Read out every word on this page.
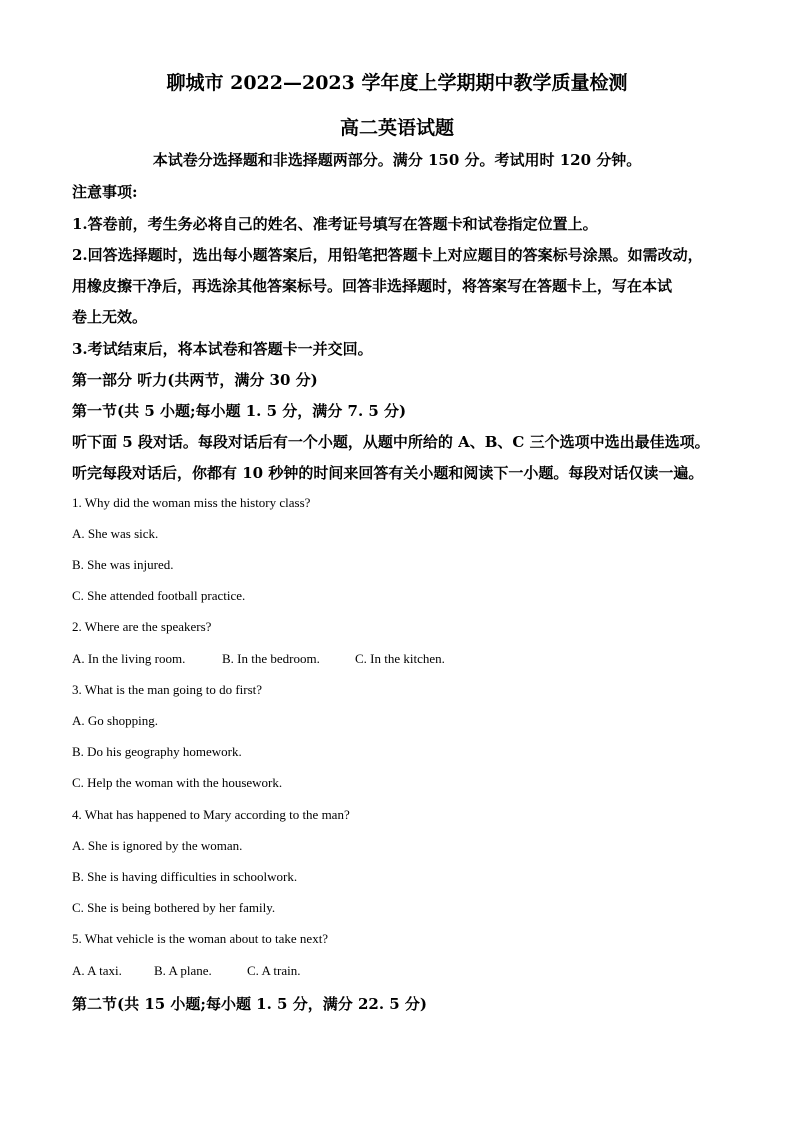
聊城市 2022—2023 学年度上学期期中教学质量检测
高二英语试题
本试卷分选择题和非选择题两部分。满分 150 分。考试用时 120 分钟。
注意事项:
1.答卷前，考生务必将自己的姓名、准考证号填写在答题卡和试卷指定位置上。
2.回答选择题时，选出每小题答案后，用铅笔把答题卡上对应题目的答案标号涂黑。如需改动，
用橡皮擦干净后，再选涂其他答案标号。回答非选择题时，将答案写在答题卡上，写在本试
卷上无效。
3.考试结束后，将本试卷和答题卡一并交回。
第一部分 听力(共两节，满分 30 分)
第一节(共 5 小题;每小题 1. 5 分，满分 7. 5 分)
听下面 5 段对话。每段对话后有一个小题，从题中所给的 A、B、C 三个选项中选出最佳选项。
听完每段对话后，你都有 10 秒钟的时间来回答有关小题和阅读下一小题。每段对话仅读一遍。
1. Why did the woman miss the history class?
A. She was sick.
B. She was injured.
C. She attended football practice.
2. Where are the speakers?
A. In the living room.	B. In the bedroom.	C. In the kitchen.
3. What is the man going to do first?
A. Go shopping.
B. Do his geography homework.
C. Help the woman with the housework.
4. What has happened to Mary according to the man?
A. She is ignored by the woman.
B. She is having difficulties in schoolwork.
C. She is being bothered by her family.
5. What vehicle is the woman about to take next?
A. A taxi. B. A plane.	C. A train.
第二节(共 15 小题;每小题 1. 5 分，满分 22. 5 分)
